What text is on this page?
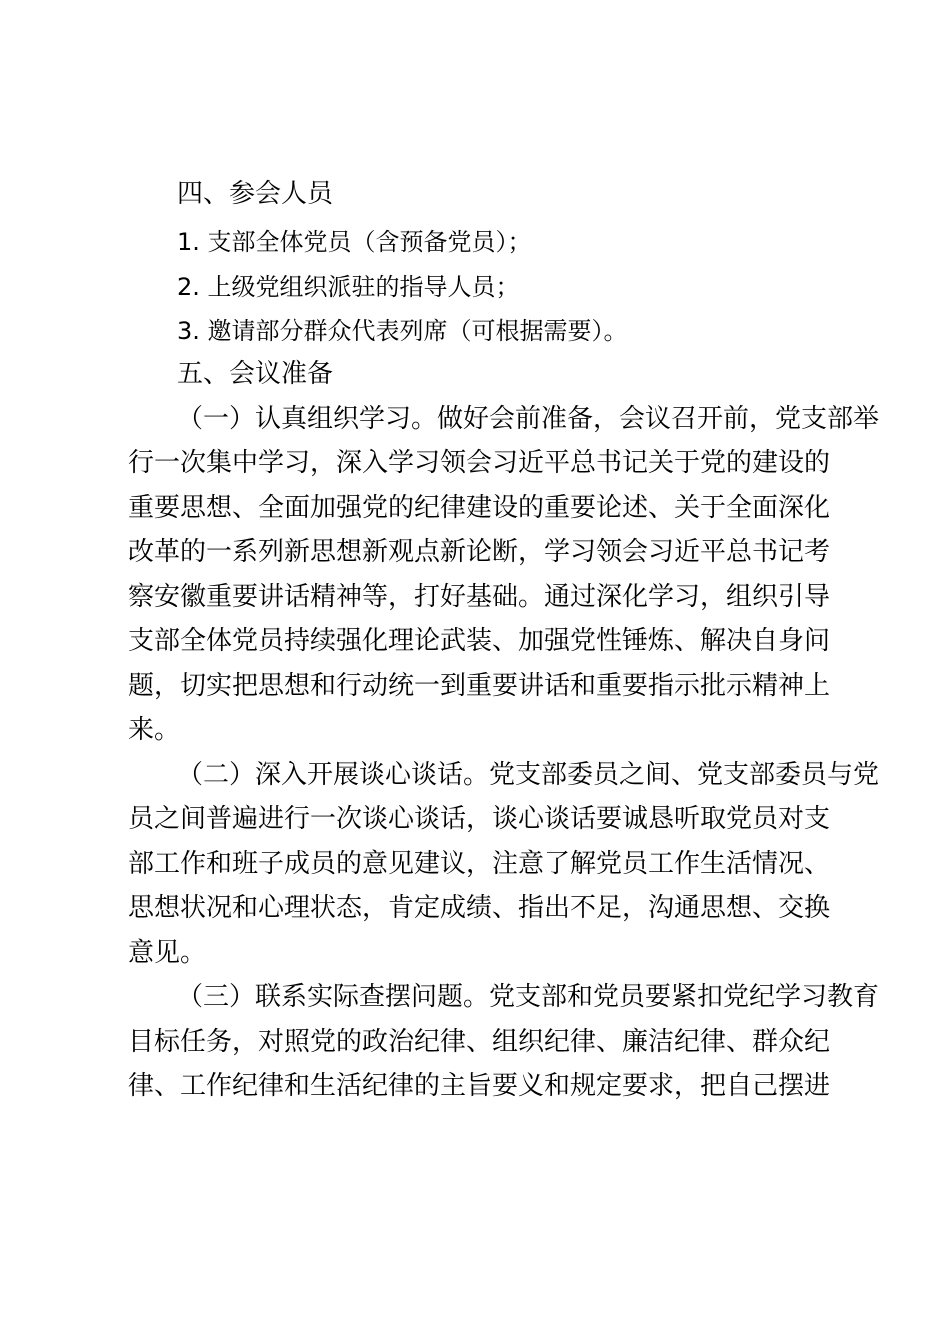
四、参会人员

1. 支部全体党员（含预备党员）；

2. 上级党组织派驻的指导人员；

3. 邀请部分群众代表列席（可根据需要）。

五、会议准备

（一）认真组织学习。做好会前准备，会议召开前，党支部举

行一次集中学习，深入学习领会习近平总书记关于党的建设的

重要思想、全面加强党的纪律建设的重要论述、关于全面深化

改革的一系列新思想新观点新论断，学习领会习近平总书记考

察安徽重要讲话精神等，打好基础。通过深化学习，组织引导

支部全体党员持续强化理论武装、加强党性锤炼、解决自身问

题，切实把思想和行动统一到重要讲话和重要指示批示精神上

来。

（二）深入开展谈心谈话。党支部委员之间、党支部委员与党

员之间普遍进行一次谈心谈话，谈心谈话要诚恳听取党员对支

部工作和班子成员的意见建议，注意了解党员工作生活情况、

思想状况和心理状态，肯定成绩、指出不足，沟通思想、交换

意见。

（三）联系实际查摆问题。党支部和党员要紧扣党纪学习教育

目标任务，对照党的政治纪律、组织纪律、廉洁纪律、群众纪

律、工作纪律和生活纪律的主旨要义和规定要求，把自己摆进
